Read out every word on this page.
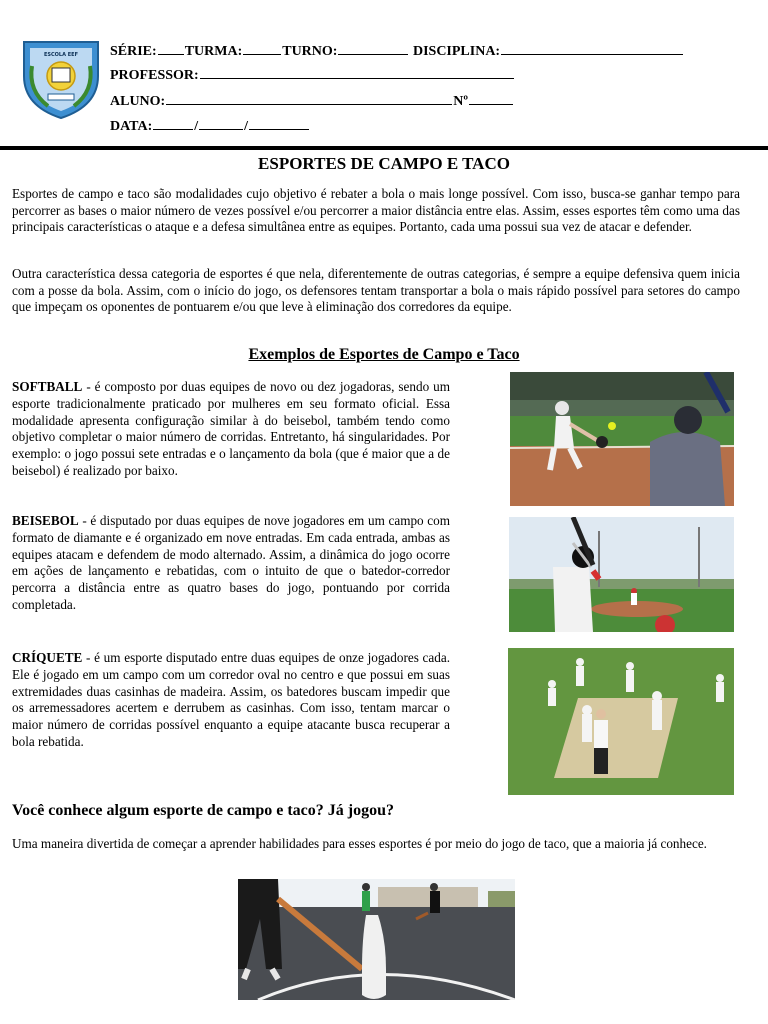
ESCOLA EEF SÉRIE: TURMA:	TURNO:	DISCIPLINA:
PROFESSOR:
ALUNO:	Nº
DATA:	/	/
ESPORTES DE CAMPO E TACO

Esportes de campo e taco são modalidades cujo objetivo é rebater a bola o mais longe possível. Com isso, busca-se ganhar tempo para percorrer as bases o maior número de vezes possível e/ou percorrer a maior distância entre elas. Assim, esses esportes têm como uma das principais características o ataque e a defesa simultânea entre as equipes. Portanto, cada uma possui sua vez de atacar e defender.

Outra característica dessa categoria de esportes é que nela, diferentemente de outras categorias, é sempre a equipe defensiva quem inicia com a posse da bola. Assim, com o início do jogo, os defensores tentam transportar a bola o mais rápido possível para setores do campo que impeçam os oponentes de pontuarem e/ou que leve à eliminação dos corredores da equipe.

Exemplos de Esportes de Campo e Taco

SOFTBALL - é composto por duas equipes de novo ou dez jogadoras, sendo um esporte tradicionalmente praticado por mulheres em seu formato oficial. Essa modalidade apresenta configuração similar à do beisebol, também tendo como objetivo completar o maior número de corridas. Entretanto, há singularidades. Por exemplo: o jogo possui sete entradas e o lançamento da bola (que é maior que a de beisebol) é realizado por baixo.

BEISEBOL - é disputado por duas equipes de nove jogadores em um campo com formato de diamante e é organizado em nove entradas. Em cada entrada, ambas as equipes atacam e defendem de modo alternado. Assim, a dinâmica do jogo ocorre em ações de lançamento e rebatidas, com o intuito de que o batedor-corredor percorra a distância entre as quatro bases do jogo, pontuando por corrida completada.

CRÍQUETE - é um esporte disputado entre duas equipes de onze jogadores cada. Ele é jogado em um campo com um corredor oval no centro e que possui em suas extremidades duas casinhas de madeira. Assim, os batedores buscam impedir que os arremessadores acertem e derrubem as casinhas. Com isso, tentam marcar o maior número de corridas possível enquanto a equipe atacante busca recuperar a bola rebatida.

Você conhece algum esporte de campo e taco? Já jogou?

Uma maneira divertida de começar a aprender habilidades para esses esportes é por meio do jogo de taco, que a maioria já conhece.
